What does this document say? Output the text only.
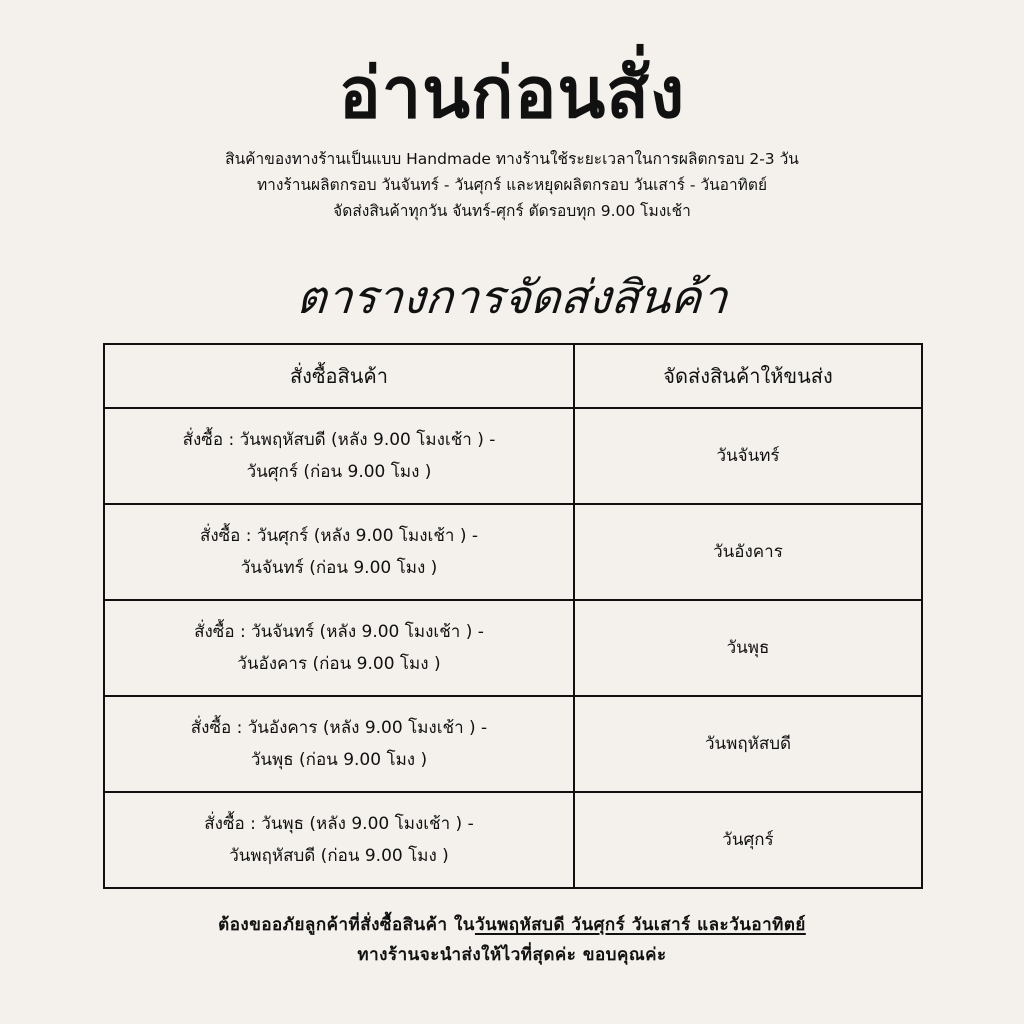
อ่านก่อนสั่ง
สินค้าของทางร้านเป็นแบบ Handmade ทางร้านใช้ระยะเวลาในการผลิตกรอบ 2-3 วัน
ทางร้านผลิตกรอบ วันจันทร์ - วันศุกร์ และหยุดผลิตกรอบ วันเสาร์ - วันอาทิตย์
จัดส่งสินค้าทุกวัน จันทร์-ศุกร์ ตัดรอบทุก 9.00 โมงเช้า
ตารางการจัดส่งสินค้า
สั่งซื้อสินค้า	จัดส่งสินค้าให้ขนส่ง

สั่งซื้อ : วันพฤหัสบดี (หลัง 9.00 โมงเช้า ) -
วันศุกร์ (ก่อน 9.00 โมง )	วันจันทร์

สั่งซื้อ : วันศุกร์ (หลัง 9.00 โมงเช้า ) -
วันจันทร์ (ก่อน 9.00 โมง )	วันอังคาร

สั่งซื้อ : วันจันทร์ (หลัง 9.00 โมงเช้า ) -
วันอังคาร (ก่อน 9.00 โมง )	วันพุธ

สั่งซื้อ : วันอังคาร (หลัง 9.00 โมงเช้า ) -
วันพุธ (ก่อน 9.00 โมง )	วันพฤหัสบดี

สั่งซื้อ : วันพุธ (หลัง 9.00 โมงเช้า ) -
วันพฤหัสบดี (ก่อน 9.00 โมง )	วันศุกร์
ต้องขออภัยลูกค้าที่สั่งซื้อสินค้า ในวันพฤหัสบดี วันศุกร์ วันเสาร์ และวันอาทิตย์
ทางร้านจะนำส่งให้ไวที่สุดค่ะ ขอบคุณค่ะ
